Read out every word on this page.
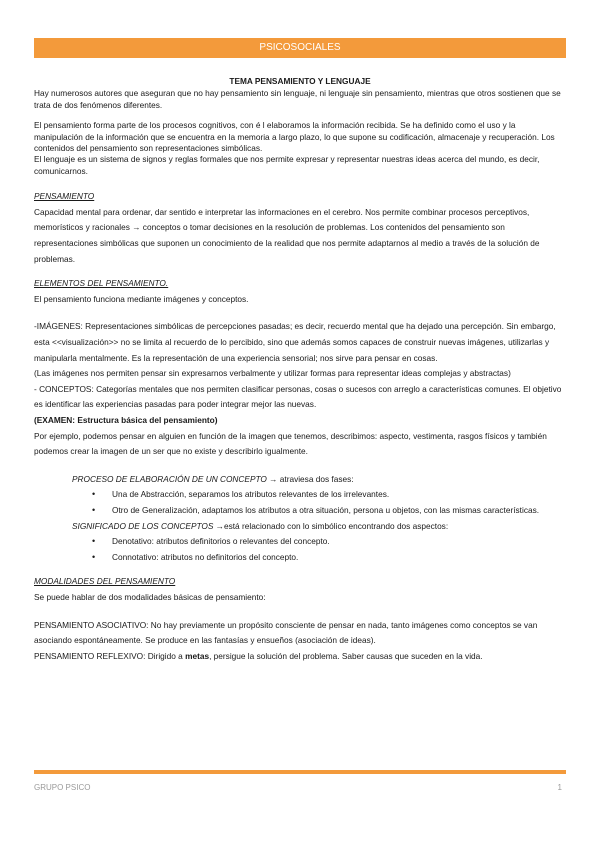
PSICOSOCIALES

TEMA PENSAMIENTO Y LENGUAJE

Hay numerosos autores que aseguran que no hay pensamiento sin lenguaje, ni lenguaje sin pensamiento, mientras que otros sostienen que se trata de dos fenómenos diferentes.

El pensamiento forma parte de los procesos cognitivos, con é l elaboramos la información recibida. Se ha definido como el uso y la manipulación de la información que se encuentra en la memoria a largo plazo, lo que supone su codificación, almacenaje y recuperación. Los contenidos del pensamiento son representaciones simbólicas.

El lenguaje es un sistema de signos y reglas formales que nos permite expresar y representar nuestras ideas acerca del mundo, es decir, comunicarnos.

PENSAMIENTO

Capacidad mental para ordenar, dar sentido e interpretar las informaciones en el cerebro. Nos permite combinar procesos perceptivos, memorísticos y racionales → conceptos o tomar decisiones en la resolución de problemas. Los contenidos del pensamiento son representaciones simbólicas que suponen un conocimiento de la realidad que nos permite adaptarnos al medio a través de la solución de problemas.

ELEMENTOS DEL PENSAMIENTO.

El pensamiento funciona mediante imágenes y conceptos.

-IMÁGENES: Representaciones simbólicas de percepciones pasadas; es decir, recuerdo mental que ha dejado una percepción. Sin embargo, esta <<visualización>> no se limita al recuerdo de lo percibido, sino que además somos capaces de construir nuevas imágenes, utilizarlas y manipularla mentalmente. Es la representación de una experiencia sensorial; nos sirve para pensar en cosas.

(Las imágenes nos permiten pensar sin expresarnos verbalmente y utilizar formas para representar ideas complejas y abstractas)

- CONCEPTOS: Categorías mentales que nos permiten clasificar personas, cosas o sucesos con arreglo a características comunes. El objetivo es identificar las experiencias pasadas para poder integrar mejor las nuevas.

(EXAMEN: Estructura básica del pensamiento)

Por ejemplo, podemos pensar en alguien en función de la imagen que tenemos, describimos: aspecto, vestimenta, rasgos físicos y también podemos crear la imagen de un ser que no existe y describirlo igualmente.

PROCESO DE ELABORACIÓN DE UN CONCEPTO → atraviesa dos fases:

• Una de Abstracción, separamos los atributos relevantes de los irrelevantes.
• Otro de Generalización, adaptamos los atributos a otra situación, persona u objetos, con las mismas características.

SIGNIFICADO DE LOS CONCEPTOS →está relacionado con lo simbólico encontrando dos aspectos:

• Denotativo: atributos definitorios o relevantes del concepto.
• Connotativo: atributos no definitorios del concepto.

MODALIDADES DEL PENSAMIENTO

Se puede hablar de dos modalidades básicas de pensamiento:

PENSAMIENTO ASOCIATIVO: No hay previamente un propósito consciente de pensar en nada, tanto imágenes como conceptos se van asociando espontáneamente. Se produce en las fantasías y ensueños (asociación de ideas).

PENSAMIENTO REFLEXIVO: Dirigido a metas, persigue la solución del problema. Saber causas que suceden en la vida.

GRUPO PSICO	1
